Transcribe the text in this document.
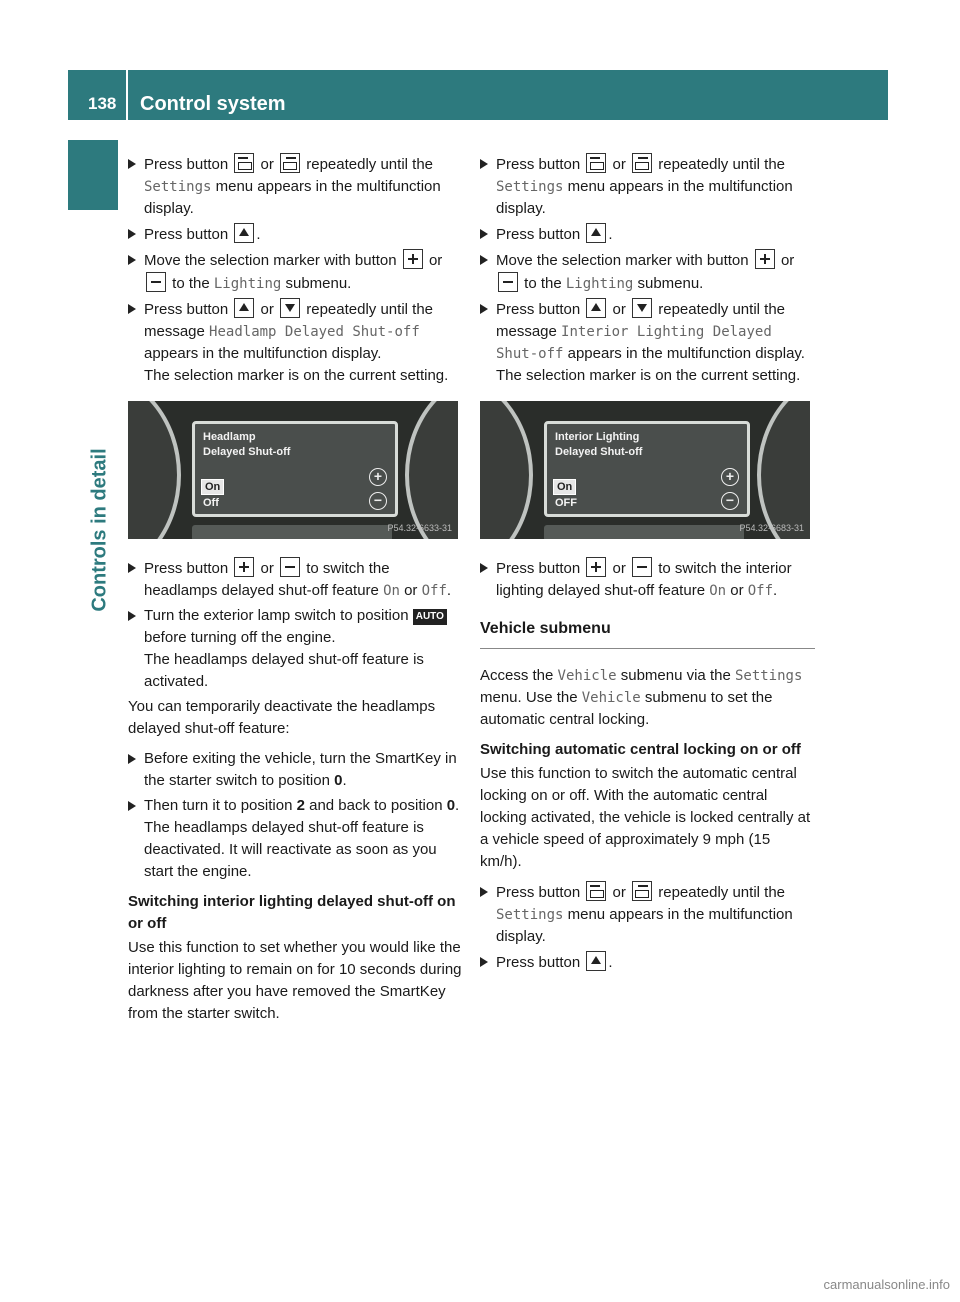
138 Control system
Controls in detail
Press button  or  repeatedly until the Settings menu appears in the multifunction display.
Press button .
Move the selection marker with button  or  to the Lighting submenu.
Press button  or  repeatedly until the message Headlamp Delayed Shut-off appears in the multifunction display.
The selection marker is on the current setting.
Headlamp
Delayed Shut-off
On
Off
+
−
P54.32-6633-31
Press button  or  to switch the headlamps delayed shut-off feature On or Off.
Turn the exterior lamp switch to position AUTO before turning off the engine.
The headlamps delayed shut-off feature is activated.

You can temporarily deactivate the headlamps delayed shut-off feature:

Before exiting the vehicle, turn the SmartKey in the starter switch to position 0.
Then turn it to position 2 and back to position 0.
The headlamps delayed shut-off feature is deactivated. It will reactivate as soon as you start the engine.
Switching interior lighting delayed shut-off on or off

Use this function to set whether you would like the interior lighting to remain on for 10 seconds during darkness after you have removed the SmartKey from the starter switch.

Press button  or  repeatedly until the Settings menu appears in the multifunction display.
Press button .
Move the selection marker with button  or  to the Lighting submenu.
Press button  or  repeatedly until the message Interior Lighting Delayed Shut-off appears in the multifunction display.
The selection marker is on the current setting.
Interior Lighting
Delayed Shut-off
On
OFF
+
−
P54.32-6683-31
Press button  or  to switch the interior lighting delayed shut-off feature On or Off.
Vehicle submenu

Access the Vehicle submenu via the Settings menu. Use the Vehicle submenu to set the automatic central locking.

Switching automatic central locking on or off

Use this function to switch the automatic central locking on or off. With the automatic central locking activated, the vehicle is locked centrally at a vehicle speed of approximately 9 mph (15 km/h).

Press button  or  repeatedly until the Settings menu appears in the multifunction display.
Press button .
carmanualsonline.info
